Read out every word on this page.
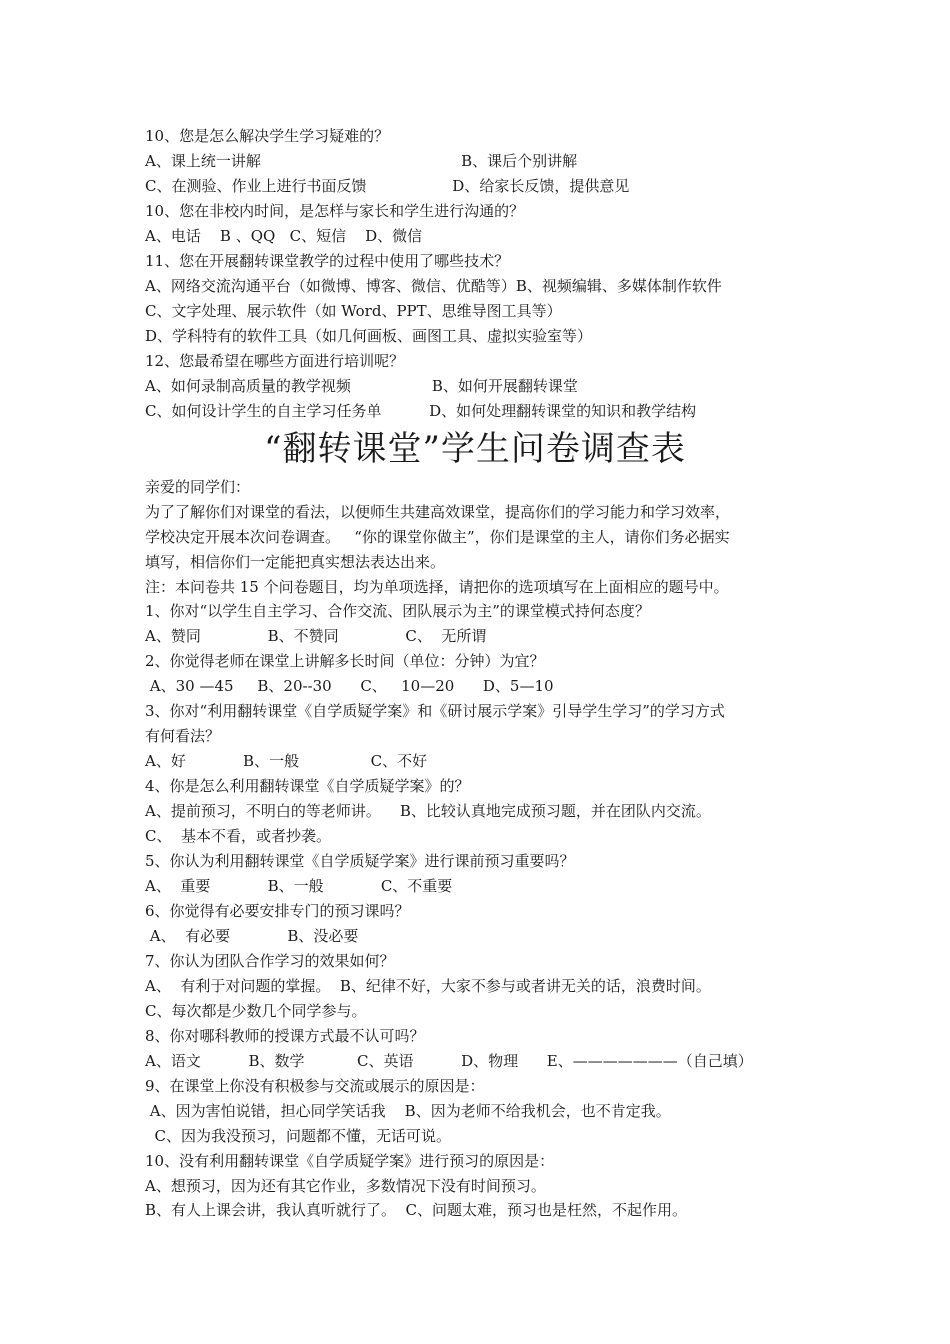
10、您是怎么解决学生学习疑难的？

A、课上统一讲解                                          B、课后个别讲解

C、在测验、作业上进行书面反馈                  D、给家长反馈，提供意见

10、您在非校内时间，是怎样与家长和学生进行沟通的？

A、电话    B 、QQ   C、短信    D、微信

11、您在开展翻转课堂教学的过程中使用了哪些技术？

A、网络交流沟通平台（如微博、博客、微信、优酷等）B、视频编辑、多媒体制作软件

C、文字处理、展示软件（如 Word、PPT、思维导图工具等）

D、学科特有的软件工具（如几何画板、画图工具、虚拟实验室等）

12、您最希望在哪些方面进行培训呢？

A、如何录制高质量的教学视频                 B、如何开展翻转课堂

C、如何设计学生的自主学习任务单          D、如何处理翻转课堂的知识和教学结构

“翻转课堂”学生问卷调查表

亲爱的同学们：

为了了解你们对课堂的看法，以便师生共建高效课堂，提高你们的学习能力和学习效率，

学校决定开展本次问卷调查。   “你的课堂你做主”，你们是课堂的主人，请你们务必据实

填写，相信你们一定能把真实想法表达出来。

注：本问卷共 15 个问卷题目，均为单项选择，请把你的选项填写在上面相应的题号中。

1、你对“以学生自主学习、合作交流、团队展示为主”的课堂模式持何态度？

A、赞同              B、不赞同              C、  无所谓

2、你觉得老师在课堂上讲解多长时间（单位：分钟）为宜？

A、30 —45     B、20--30      C、   10—20      D、5—10

3、你对“利用翻转课堂《自学质疑学案》和《研讨展示学案》引导学生学习”的学习方式

有何看法？

A、好            B、一般               C、不好

4、你是怎么利用翻转课堂《自学质疑学案》的？

A、提前预习，不明白的等老师讲。    B、比较认真地完成预习题，并在团队内交流。

C、  基本不看，或者抄袭。

5、你认为利用翻转课堂《自学质疑学案》进行课前预习重要吗？

A、  重要            B、一般            C、不重要

6、你觉得有必要安排专门的预习课吗？

A、  有必要            B、没必要

7、你认为团队合作学习的效果如何？

A、  有利于对问题的掌握。  B、纪律不好，大家不参与或者讲无关的话，浪费时间。

C、每次都是少数几个同学参与。

8、你对哪科教师的授课方式最不认可吗？

A、语文          B、数学           C、英语          D、物理      E、———————（自己填）

9、在课堂上你没有积极参与交流或展示的原因是：

A、因为害怕说错，担心同学笑话我    B、因为老师不给我机会，也不肯定我。

C、因为我没预习，问题都不懂，无话可说。

10、没有利用翻转课堂《自学质疑学案》进行预习的原因是：

A、想预习，因为还有其它作业，多数情况下没有时间预习。

B、有人上课会讲，我认真听就行了。  C、问题太难，预习也是枉然，不起作用。
